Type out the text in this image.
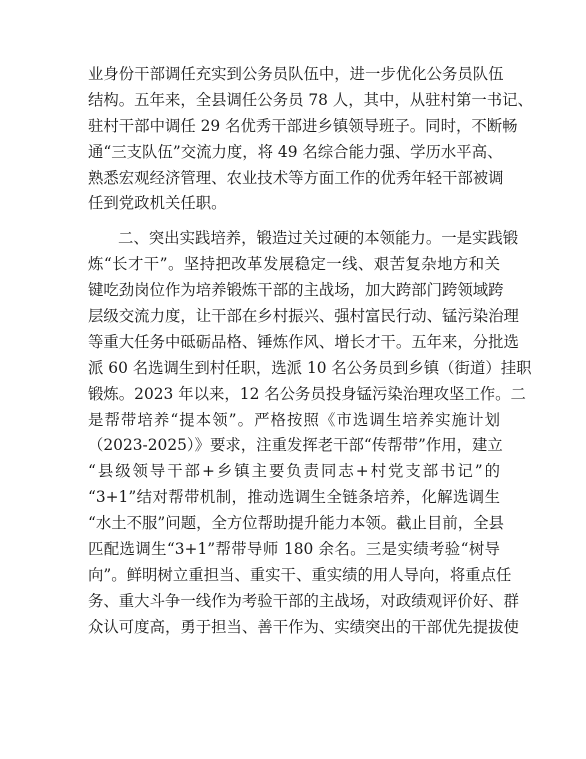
业身份干部调任充实到公务员队伍中，进一步优化公务员队伍
结构。五年来，全县调任公务员 78 人，其中，从驻村第一书记、
驻村干部中调任 29 名优秀干部进乡镇领导班子。同时，不断畅
通“三支队伍”交流力度，将 49 名综合能力强、学历水平高、
熟悉宏观经济管理、农业技术等方面工作的优秀年轻干部被调
任到党政机关任职。
二、突出实践培养，锻造过关过硬的本领能力。一是实践锻
炼“长才干”。坚持把改革发展稳定一线、艰苦复杂地方和关
键吃劲岗位作为培养锻炼干部的主战场，加大跨部门跨领域跨
层级交流力度，让干部在乡村振兴、强村富民行动、锰污染治理
等重大任务中砥砺品格、锤炼作风、增长才干。五年来，分批选
派 60 名选调生到村任职，选派 10 名公务员到乡镇（街道）挂职
锻炼。2023 年以来，12 名公务员投身锰污染治理攻坚工作。二
是帮带培养“提本领”。严格按照《市选调生培养实施计划
（2023-2025）》要求，注重发挥老干部“传帮带”作用，建立
“县级领导干部+乡镇主要负责同志+村党支部书记”的
“3+1”结对帮带机制，推动选调生全链条培养，化解选调生
“水土不服”问题，全方位帮助提升能力本领。截止目前，全县
匹配选调生“3+1”帮带导师 180 余名。三是实绩考验“树导
向”。鲜明树立重担当、重实干、重实绩的用人导向，将重点任
务、重大斗争一线作为考验干部的主战场，对政绩观评价好、群
众认可度高，勇于担当、善干作为、实绩突出的干部优先提拔使
